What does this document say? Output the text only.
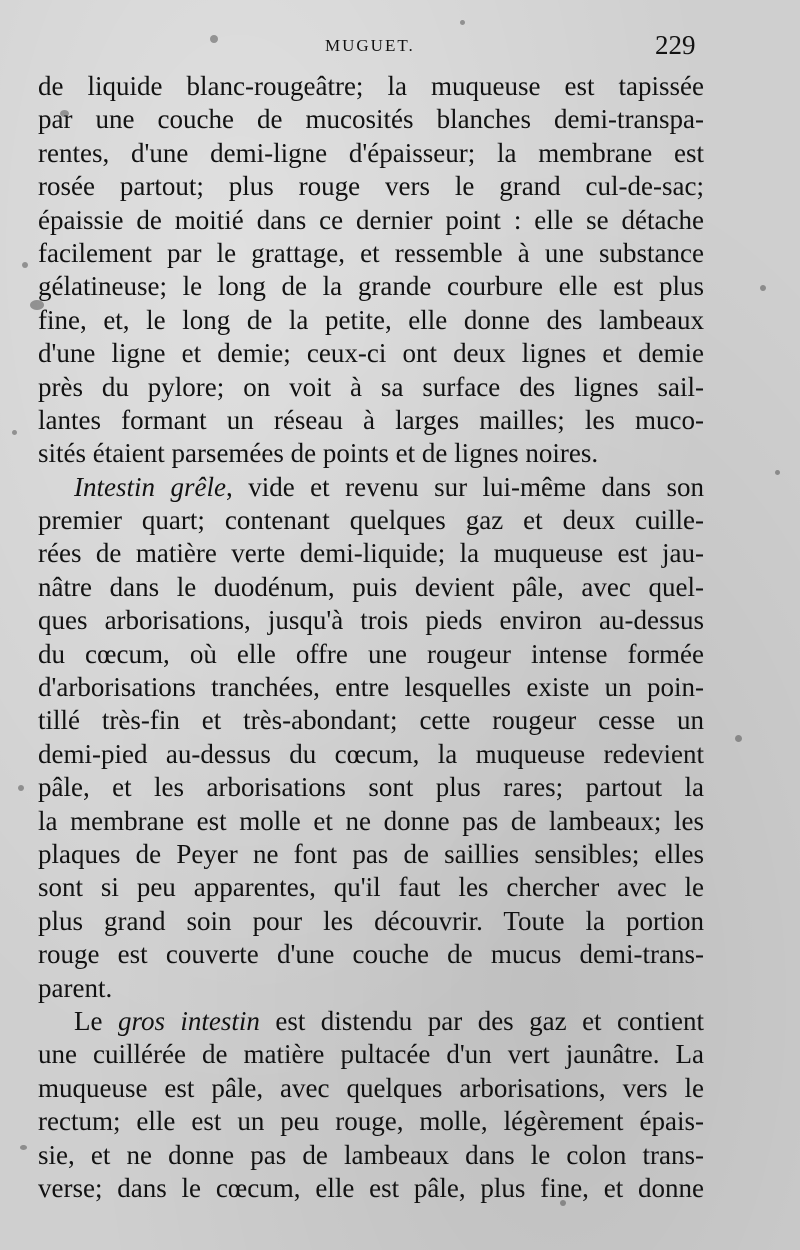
MUGUET.	229
de liquide blanc-rougeâtre; la muqueuse est tapissée
par une couche de mucosités blanches demi-transpa-
rentes, d'une demi-ligne d'épaisseur; la membrane est
rosée partout; plus rouge vers le grand cul-de-sac;
épaissie de moitié dans ce dernier point : elle se détache
facilement par le grattage, et ressemble à une substance
gélatineuse; le long de la grande courbure elle est plus
fine, et, le long de la petite, elle donne des lambeaux
d'une ligne et demie; ceux-ci ont deux lignes et demie
près du pylore; on voit à sa surface des lignes sail-
lantes formant un réseau à larges mailles; les muco-
sités étaient parsemées de points et de lignes noires.
Intestin grêle, vide et revenu sur lui-même dans son
premier quart; contenant quelques gaz et deux cuille-
rées de matière verte demi-liquide; la muqueuse est jau-
nâtre dans le duodénum, puis devient pâle, avec quel-
ques arborisations, jusqu'à trois pieds environ au-dessus
du cœcum, où elle offre une rougeur intense formée
d'arborisations tranchées, entre lesquelles existe un poin-
tillé très-fin et très-abondant; cette rougeur cesse un
demi-pied au-dessus du cœcum, la muqueuse redevient
pâle, et les arborisations sont plus rares; partout la
la membrane est molle et ne donne pas de lambeaux; les
plaques de Peyer ne font pas de saillies sensibles; elles
sont si peu apparentes, qu'il faut les chercher avec le
plus grand soin pour les découvrir. Toute la portion
rouge est couverte d'une couche de mucus demi-trans-
parent.
Le gros intestin est distendu par des gaz et contient
une cuillérée de matière pultacée d'un vert jaunâtre. La
muqueuse est pâle, avec quelques arborisations, vers le
rectum; elle est un peu rouge, molle, légèrement épais-
sie, et ne donne pas de lambeaux dans le colon trans-
verse; dans le cœcum, elle est pâle, plus fine, et donne
